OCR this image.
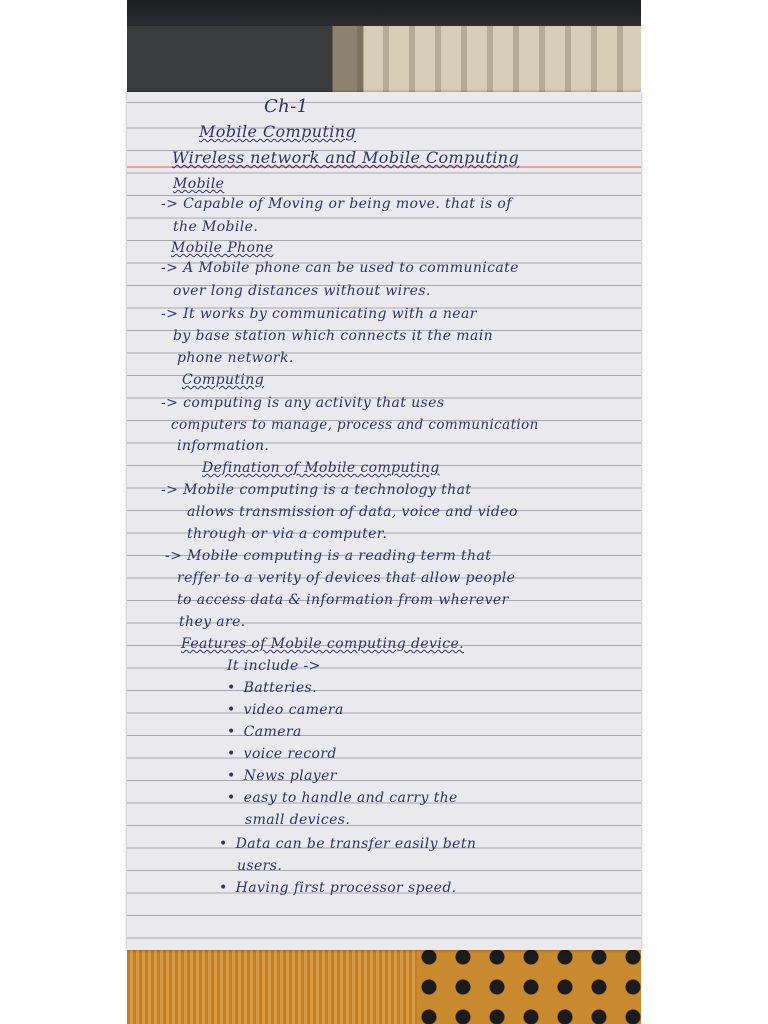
Ch-1
Mobile Computing
Wireless network and Mobile Computing
Mobile
-> Capable of Moving or being move. that is of
the Mobile.
Mobile Phone
-> A Mobile phone can be used to communicate
over long distances without wires.
-> It works by communicating with a near
by base station which connects it the main
phone network.
Computing
-> computing is any activity that uses
computers to manage, process and communication
information.
Defination of Mobile computing
-> Mobile computing is a technology that
allows transmission of data, voice and video
through or via a computer.
-> Mobile computing is a reading term that
reffer to a verity of devices that allow people
to access data & information from wherever
they are.
Features of Mobile computing device.
It include ->
• Batteries.
• video camera
• Camera
• voice record
• News player
• easy to handle and carry the
small devices.
• Data can be transfer easily betn
users.
• Having first processor speed.
